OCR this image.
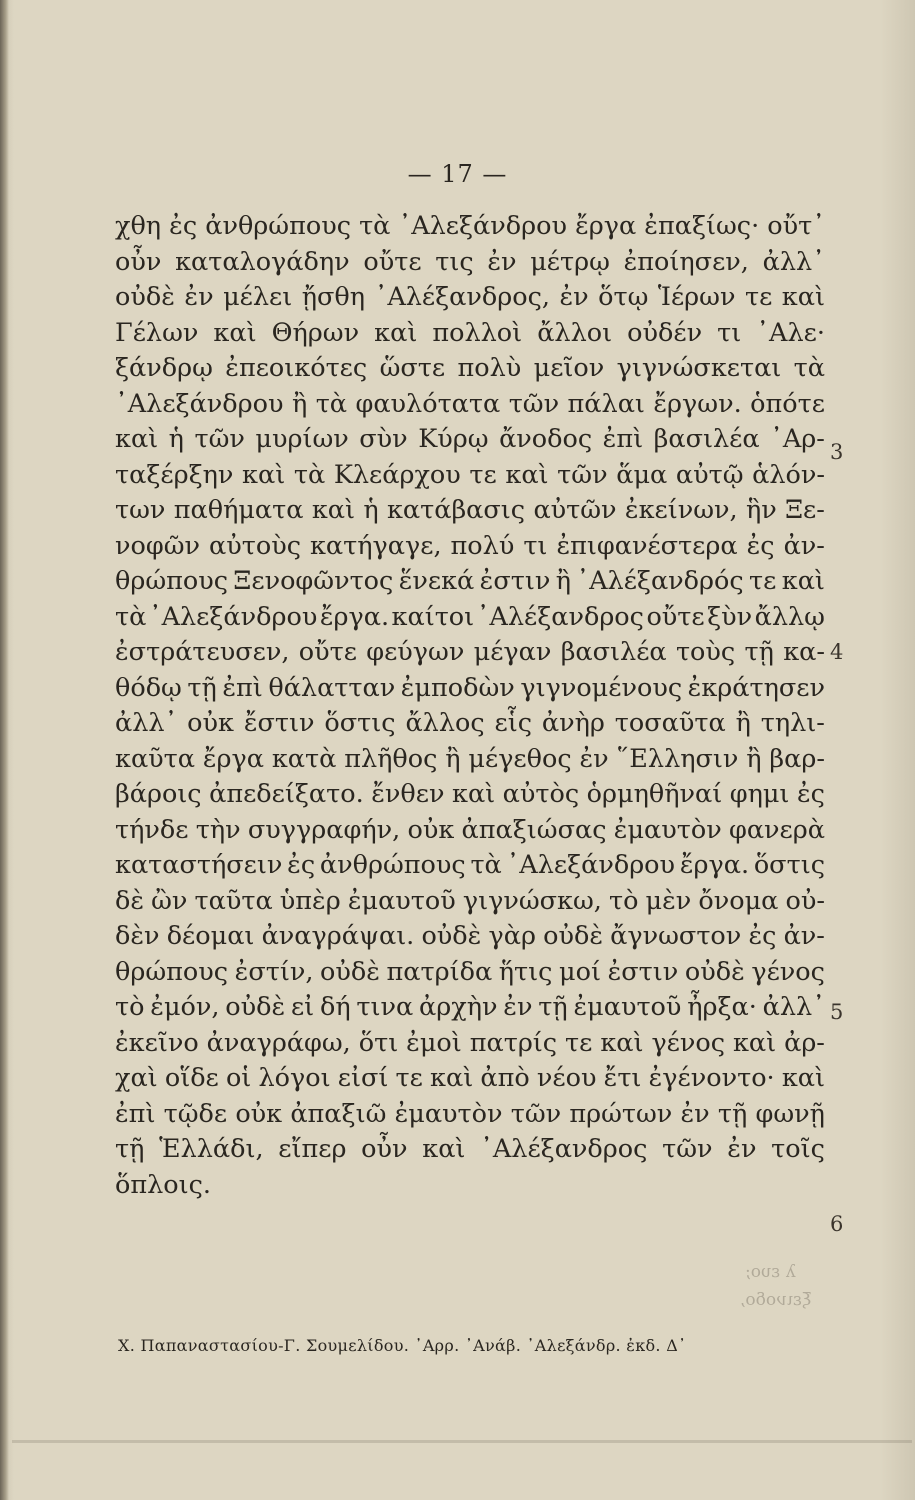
— 17 —
χθη ἐς ἀνθρώπους τὰ ᾿Αλεξάνδρου ἔργα ἐπαξίως· οὔτ᾿
οὖν καταλογάδην οὔτε τις ἐν μέτρῳ ἐποίησεν, ἀλλ᾿
οὐδὲ ἐν μέλει ᾔσθη ᾿Αλέξανδρος, ἐν ὅτῳ Ἱέρων τε καὶ
Γέλων καὶ Θήρων καὶ πολλοὶ ἄλλοι οὐδέν τι ᾿Αλε·
ξάνδρῳ ἐπεοικότες ὥστε πολὺ μεῖον γιγνώσκεται τὰ
᾿Αλεξάνδρου ἢ τὰ φαυλότατα τῶν πάλαι ἔργων. ὁπότε
καὶ ἡ τῶν μυρίων σὺν Κύρῳ ἄνοδος ἐπὶ βασιλέα ᾿Αρ-
ταξέρξην καὶ τὰ Κλεάρχου τε καὶ τῶν ἅμα αὐτῷ ἁλόν-
των παθήματα καὶ ἡ κατάβασις αὐτῶν ἐκείνων, ἣν Ξε-
νοφῶν αὐτοὺς κατήγαγε, πολύ τι ἐπιφανέστερα ἐς ἀν-
θρώπους Ξενοφῶντος ἕνεκά ἐστιν ἢ ᾿Αλέξανδρός τε καὶ
τὰ ᾿Αλεξάνδρου ἔργα. καίτοι ᾿Αλέξανδρος οὔτε ξὺν ἄλλῳ
ἐστράτευσεν, οὔτε φεύγων μέγαν βασιλέα τοὺς τῇ κα-
θόδῳ τῇ ἐπὶ θάλατταν ἐμποδὼν γιγνομένους ἐκράτησεν
ἀλλ᾿ οὐκ ἔστιν ὅστις ἄλλος εἷς ἀνὴρ τοσαῦτα ἢ τηλι-
καῦτα ἔργα κατὰ πλῆθος ἢ μέγεθος ἐν ῞Ελλησιν ἢ βαρ-
βάροις ἀπεδείξατο. ἔνθεν καὶ αὐτὸς ὁρμηθῆναί φημι ἐς
τήνδε τὴν συγγραφήν, οὐκ ἀπαξιώσας ἐμαυτὸν φανερὰ
καταστήσειν ἐς ἀνθρώπους τὰ ᾿Αλεξάνδρου ἔργα. ὅστις
δὲ ὢν ταῦτα ὑπὲρ ἐμαυτοῦ γιγνώσκω, τὸ μὲν ὄνομα οὐ-
δὲν δέομαι ἀναγράψαι. οὐδὲ γὰρ οὐδὲ ἄγνωστον ἐς ἀν-
θρώπους ἐστίν, οὐδὲ πατρίδα ἥτις μοί ἐστιν οὐδὲ γένος
τὸ ἐμόν, οὐδὲ εἰ δή τινα ἀρχὴν ἐν τῇ ἐμαυτοῦ ἦρξα· ἀλλ᾿
ἐκεῖνο ἀναγράφω, ὅτι ἐμοὶ πατρίς τε καὶ γένος καὶ ἀρ-
χαὶ οἵδε οἱ λόγοι εἰσί τε καὶ ἀπὸ νέου ἔτι ἐγένοντο· καὶ
ἐπὶ τῷδε οὐκ ἀπαξιῶ ἐμαυτὸν τῶν πρώτων ἐν τῇ φωνῇ
τῇ Ἑλλάδι, εἴπερ οὖν καὶ ᾿Αλέξανδρος τῶν ἐν τοῖς
ὅπλοις.
3
4
5
6
λ ευο;
ξεινοδο,
Χ. Παπαναστασίου-Γ. Σουμελίδου. ᾿Αρρ. ᾿Ανάβ. ᾿Αλεξάνδρ. ἐκδ. Δ᾿
